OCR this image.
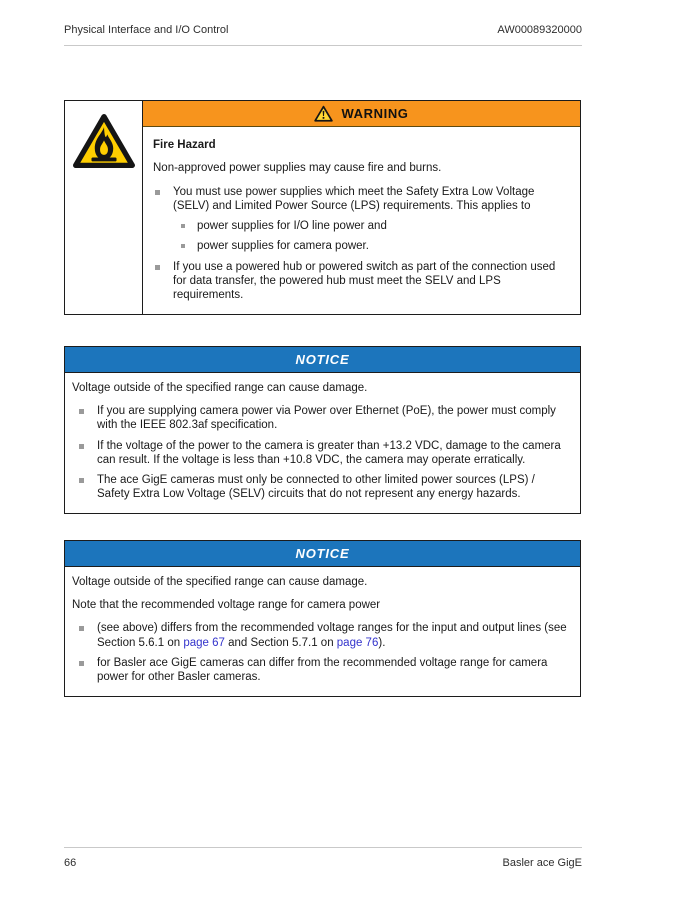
Physical Interface and I/O Control	AW00089320000
WARNING
Fire Hazard
Non-approved power supplies may cause fire and burns.
You must use power supplies which meet the Safety Extra Low Voltage (SELV) and Limited Power Source (LPS) requirements. This applies to
power supplies for I/O line power and
power supplies for camera power.
If you use a powered hub or powered switch as part of the connection used for data transfer, the powered hub must meet the SELV and LPS requirements.
NOTICE
Voltage outside of the specified range can cause damage.
If you are supplying camera power via Power over Ethernet (PoE), the power must comply with the IEEE 802.3af specification.
If the voltage of the power to the camera is greater than +13.2 VDC, damage to the camera can result. If the voltage is less than +10.8 VDC, the camera may operate erratically.
The ace GigE cameras must only be connected to other limited power sources (LPS) / Safety Extra Low Voltage (SELV) circuits that do not represent any energy hazards.
NOTICE
Voltage outside of the specified range can cause damage.
Note that the recommended voltage range for camera power
(see above) differs from the recommended voltage ranges for the input and output lines (see Section 5.6.1 on page 67 and Section 5.7.1 on page 76).
for Basler ace GigE cameras can differ from the recommended voltage range for camera power for other Basler cameras.
66	Basler ace GigE
